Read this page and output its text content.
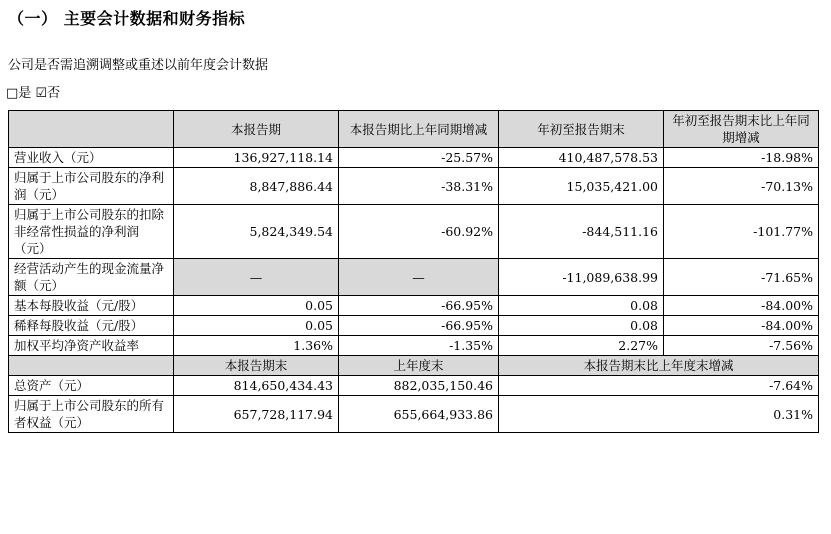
（一） 主要会计数据和财务指标
公司是否需追溯调整或重述以前年度会计数据
□是 ☑否
	本报告期	本报告期比上年同期增减	年初至报告期末	年初至报告期末比上年同期增减
营业收入（元）	136,927,118.14	-25.57%	410,487,578.53	-18.98%
归属于上市公司股东的净利润（元）	8,847,886.44	-38.31%	15,035,421.00	-70.13%
归属于上市公司股东的扣除非经常性损益的净利润（元）	5,824,349.54	-60.92%	-844,511.16	-101.77%
经营活动产生的现金流量净额（元）	—	—	-11,089,638.99	-71.65%
基本每股收益（元/股）	0.05	-66.95%	0.08	-84.00%
稀释每股收益（元/股）	0.05	-66.95%	0.08	-84.00%
加权平均净资产收益率	1.36%	-1.35%	2.27%	-7.56%
	本报告期末	上年度末	本报告期末比上年度末增减	
总资产（元）	814,650,434.43	882,035,150.46	-7.64%	
归属于上市公司股东的所有者权益（元）	657,728,117.94	655,664,933.86	0.31%	
